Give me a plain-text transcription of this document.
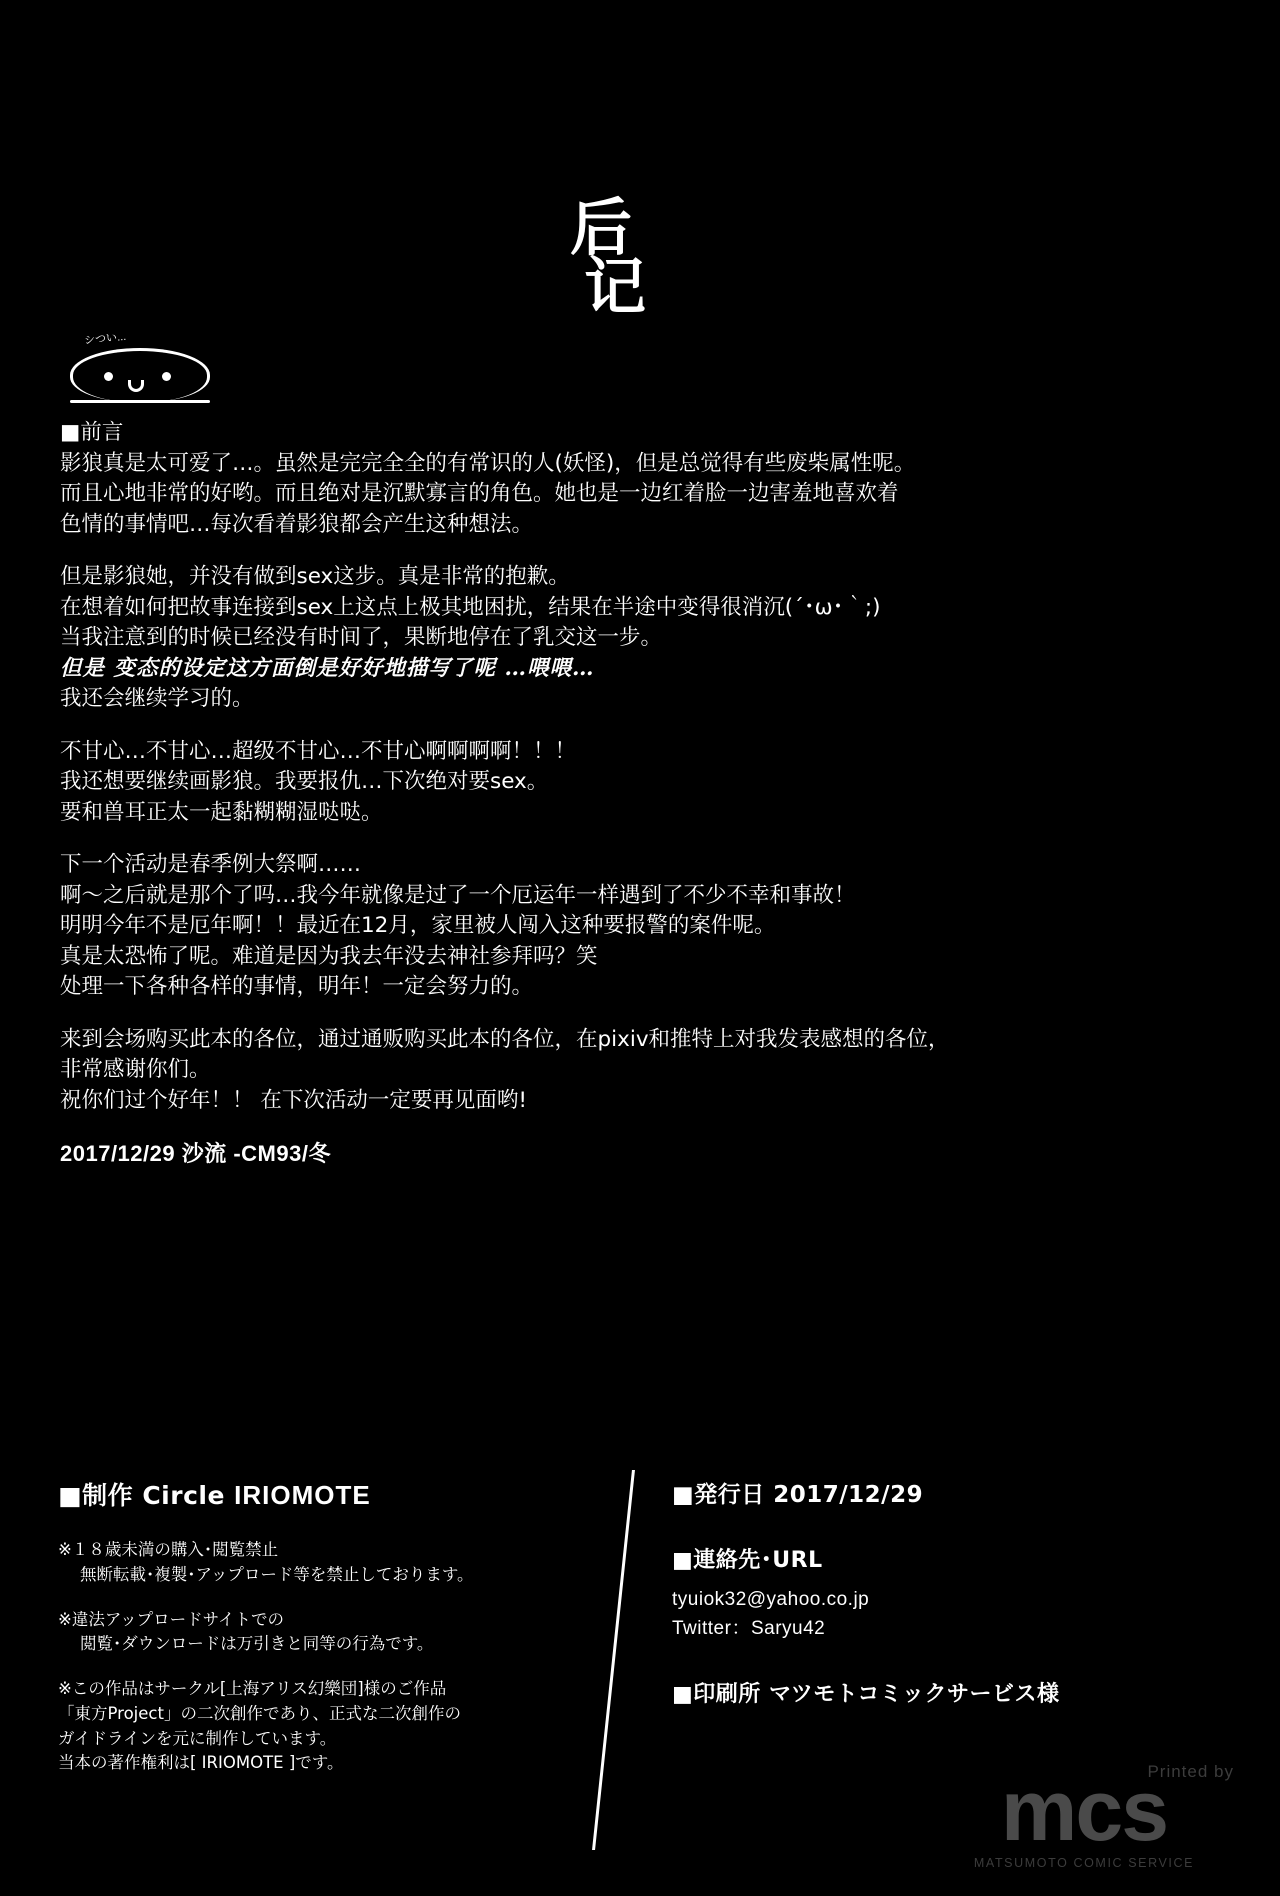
后
记
シつい...

■前言
影狼真是太可爱了…。虽然是完完全全的有常识的人(妖怪)，但是总觉得有些废柴属性呢。
而且心地非常的好哟。而且绝对是沉默寡言的角色。她也是一边红着脸一边害羞地喜欢着
色情的事情吧…每次看着影狼都会产生这种想法。

但是影狼她，并没有做到sex这步。真是非常的抱歉。
在想着如何把故事连接到sex上这点上极其地困扰，结果在半途中变得很消沉(´･ω･｀;)
当我注意到的时候已经没有时间了，果断地停在了乳交这一步。
但是 变态的设定这方面倒是好好地描写了呢 …喂喂…
我还会继续学习的。

不甘心…不甘心…超级不甘心…不甘心啊啊啊啊！！！
我还想要继续画影狼。我要报仇…下次绝对要sex。
要和兽耳正太一起黏糊糊湿哒哒。

下一个活动是春季例大祭啊……
啊～之后就是那个了吗…我今年就像是过了一个厄运年一样遇到了不少不幸和事故！
明明今年不是厄年啊！！最近在12月，家里被人闯入这种要报警的案件呢。
真是太恐怖了呢。难道是因为我去年没去神社参拜吗？笑
处理一下各种各样的事情，明年！一定会努力的。

来到会场购买此本的各位，通过通贩购买此本的各位，在pixiv和推特上对我发表感想的各位，
非常感谢你们。
祝你们过个好年！！ 在下次活动一定要再见面哟!

2017/12/29 沙流 -CM93/冬

■制作 Circle IRIOMOTE
※１８歳未満の購入･閲覧禁止
無断転載･複製･アップロード等を禁止しております。
※違法アップロードサイトでの
閲覧･ダウンロードは万引きと同等の行為です。
※この作品はサークル[上海アリス幻樂団]様のご作品
「東方Project」の二次創作であり、正式な二次創作の
ガイドラインを元に制作しています。
当本の著作権利は[ IRIOMOTE ]です。
■発行日 2017/12/29
■連絡先･URL
tyuiok32@yahoo.co.jp
Twitter：Saryu42
■印刷所 マツモトコミックサービス様
Printed by
mcs
MATSUMOTO COMIC SERVICE
